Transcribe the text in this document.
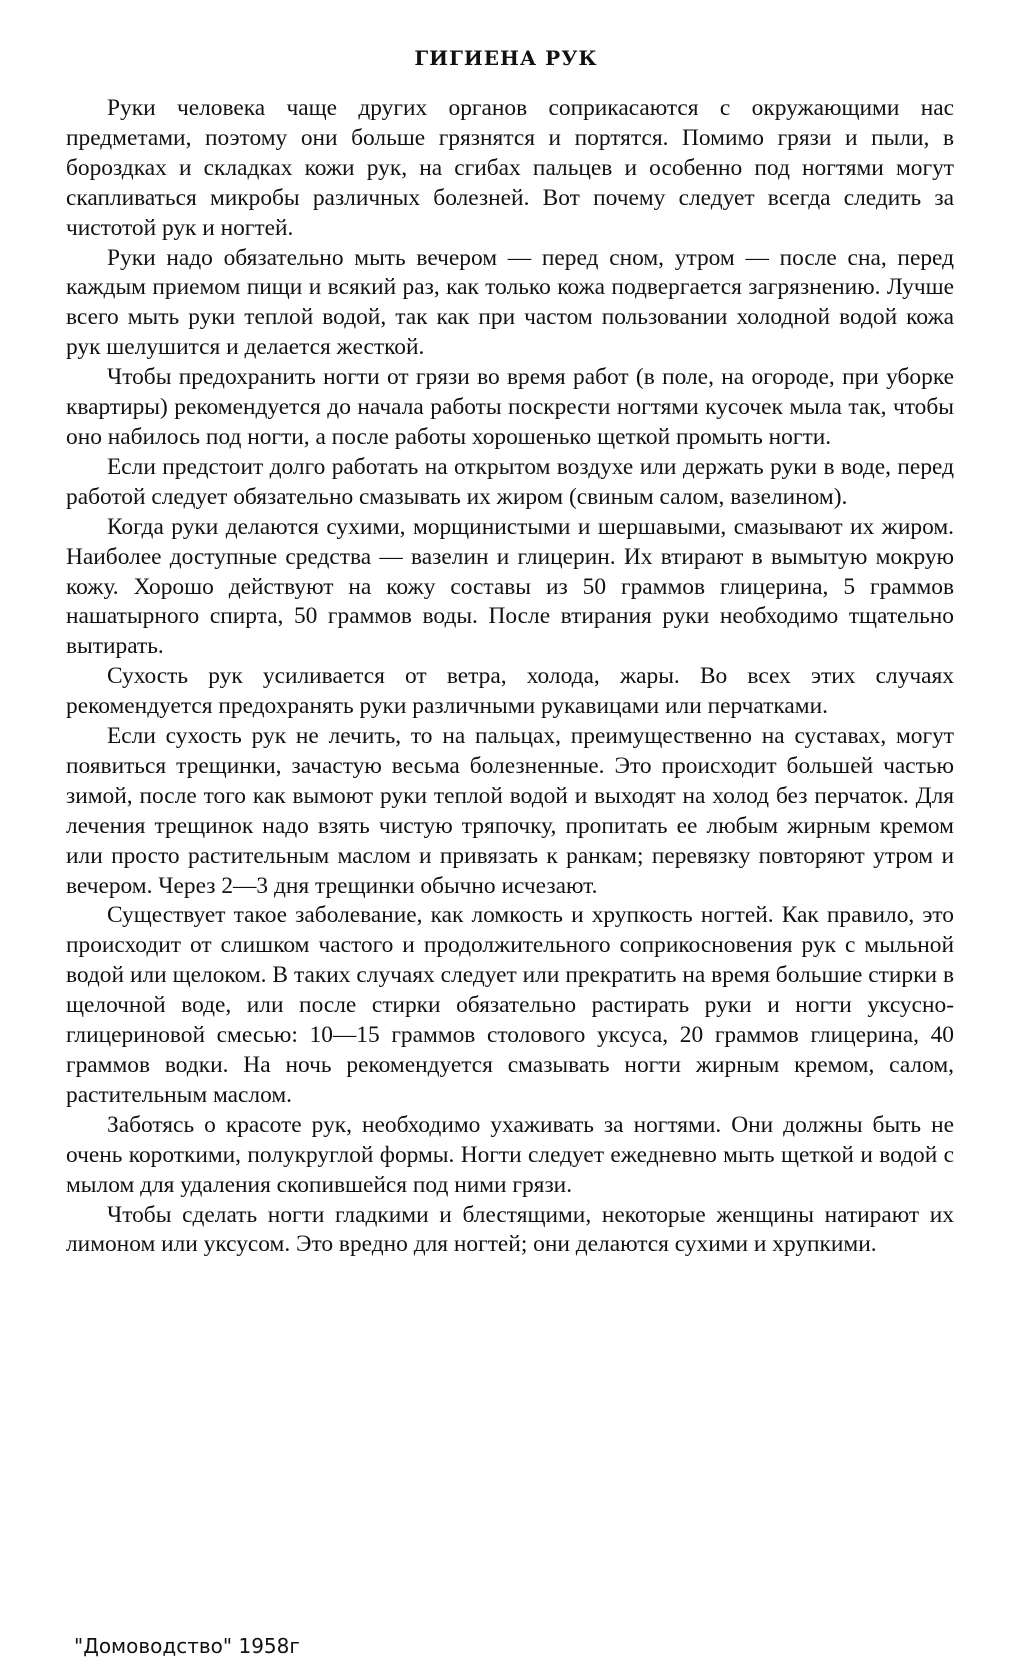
ГИГИЕНА РУК

Руки человека чаще других органов соприкасаются с окружающими нас предметами, поэтому они больше грязнятся и портятся. Помимо грязи и пыли, в бороздках и складках кожи рук, на сгибах пальцев и особенно под ногтями могут скапливаться микробы различных болезней. Вот почему следует всегда следить за чистотой рук и ногтей.

Руки надо обязательно мыть вечером — перед сном, утром — после сна, перед каждым приемом пищи и всякий раз, как только кожа подвергается загрязнению. Лучше всего мыть руки теплой водой, так как при частом пользовании холодной водой кожа рук шелушится и делается жесткой.

Чтобы предохранить ногти от грязи во время работ (в поле, на огороде, при уборке квартиры) рекомендуется до начала работы поскрести ногтями кусочек мыла так, чтобы оно набилось под ногти, а после работы хорошенько щеткой промыть ногти.

Если предстоит долго работать на открытом воздухе или держать руки в воде, перед работой следует обязательно смазывать их жиром (свиным салом, вазелином).

Когда руки делаются сухими, морщинистыми и шершавыми, смазывают их жиром. Наиболее доступные средства — вазелин и глицерин. Их втирают в вымытую мокрую кожу. Хорошо действуют на кожу составы из 50 граммов глицерина, 5 граммов нашатырного спирта, 50 граммов воды. После втирания руки необходимо тщательно вытирать.

Сухость рук усиливается от ветра, холода, жары. Во всех этих случаях рекомендуется предохранять руки различными рукавицами или перчатками.

Если сухость рук не лечить, то на пальцах, преимущественно на суставах, могут появиться трещинки, зачастую весьма болезненные. Это происходит большей частью зимой, после того как вымоют руки теплой водой и выходят на холод без перчаток. Для лечения трещинок надо взять чистую тряпочку, пропитать ее любым жирным кремом или просто растительным маслом и привязать к ранкам; перевязку повторяют утром и вечером. Через 2—3 дня трещинки обычно исчезают.

Существует такое заболевание, как ломкость и хрупкость ногтей. Как правило, это происходит от слишком частого и продолжительного соприкосновения рук с мыльной водой или щелоком. В таких случаях следует или прекратить на время большие стирки в щелочной воде, или после стирки обязательно растирать руки и ногти уксусно-глицериновой смесью: 10—15 граммов столового уксуса, 20 граммов глицерина, 40 граммов водки. На ночь рекомендуется смазывать ногти жирным кремом, салом, растительным маслом.

Заботясь о красоте рук, необходимо ухаживать за ногтями. Они должны быть не очень короткими, полукруглой формы. Ногти следует ежедневно мыть щеткой и водой с мылом для удаления скопившейся под ними грязи.

Чтобы сделать ногти гладкими и блестящими, некоторые женщины натирают их лимоном или уксусом. Это вредно для ногтей; они делаются сухими и хрупкими.

"Домоводство" 1958г
